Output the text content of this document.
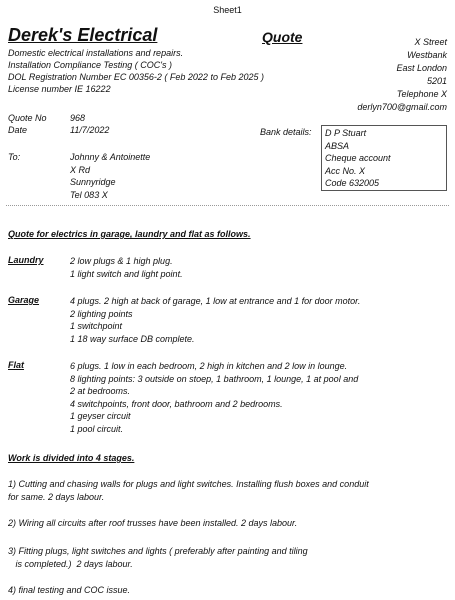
Sheet1
Derek's Electrical	Quote
Domestic electrical installations and repairs.
Installation Compliance Testing ( COC's )
DOL Registration Number EC 00356-2 ( Feb 2022 to Feb 2025 )
License number IE 16222
X Street
Westbank
East London
5201
Telephone X
derlyn700@gmail.com
Quote No	968
Date	11/7/2022	Bank details: D P Stuart
ABSA
Cheque account
Acc No. X
Code 632005
To:	Johnny & Antoinette
X Rd
Sunnyridge
Tel 083 X
Quote for electrics in garage, laundry and flat as follows.
Laundry	2 low plugs & 1 high plug.
1 light switch and light point.
Garage	4 plugs. 2 high at back of garage, 1 low at entrance and 1 for door motor.
2 lighting points
1 switchpoint
1 18 way surface DB complete.
Flat	6 plugs. 1 low in each bedroom, 2 high in kitchen and 2 low in lounge.
8 lighting points: 3 outside on stoep, 1 bathroom, 1 lounge, 1 at pool and
2 at bedrooms.
4 switchpoints, front door, bathroom and 2 bedrooms.
1 geyser circuit
1 pool circuit.
Work is divided into 4 stages.
1) Cutting and chasing walls for plugs and light switches. Installing flush boxes and conduit
for same. 2 days labour.
2) Wiring all circuits after roof trusses have been installed. 2 days labour.
3) Fitting plugs, light switches and lights ( preferably after painting and tiling
is completed.)  2 days labour.
4) final testing and COC issue.
